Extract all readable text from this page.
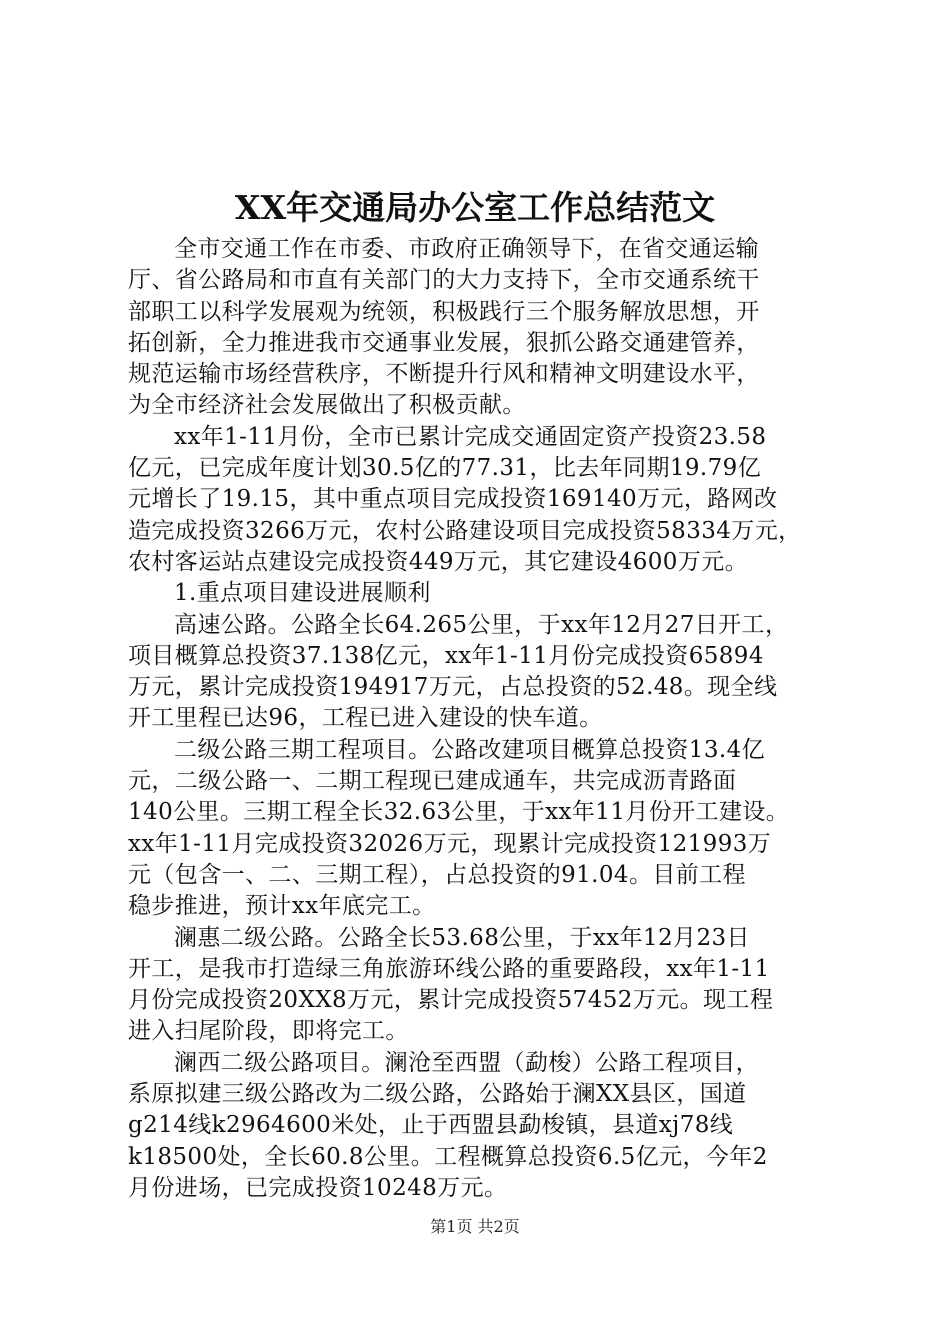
XX年交通局办公室工作总结范文
全市交通工作在市委、市政府正确领导下，在省交通运输
厅、省公路局和市直有关部门的大力支持下，全市交通系统干
部职工以科学发展观为统领，积极践行三个服务解放思想，开
拓创新，全力推进我市交通事业发展，狠抓公路交通建管养，
规范运输市场经营秩序，不断提升行风和精神文明建设水平，
为全市经济社会发展做出了积极贡献。
xx年1-11月份，全市已累计完成交通固定资产投资23.58
亿元，已完成年度计划30.5亿的77.31，比去年同期19.79亿
元增长了19.15，其中重点项目完成投资169140万元，路网改
造完成投资3266万元，农村公路建设项目完成投资58334万元，
农村客运站点建设完成投资449万元，其它建设4600万元。
1.重点项目建设进展顺利
高速公路。公路全长64.265公里，于xx年12月27日开工，
项目概算总投资37.138亿元，xx年1-11月份完成投资65894
万元，累计完成投资194917万元，占总投资的52.48。现全线
开工里程已达96，工程已进入建设的快车道。
二级公路三期工程项目。公路改建项目概算总投资13.4亿
元，二级公路一、二期工程现已建成通车，共完成沥青路面
140公里。三期工程全长32.63公里，于xx年11月份开工建设。
xx年1-11月完成投资32026万元，现累计完成投资121993万
元（包含一、二、三期工程），占总投资的91.04。目前工程
稳步推进，预计xx年底完工。
澜惠二级公路。公路全长53.68公里，于xx年12月23日
开工，是我市打造绿三角旅游环线公路的重要路段，xx年1-11
月份完成投资20XX8万元，累计完成投资57452万元。现工程
进入扫尾阶段，即将完工。
澜西二级公路项目。澜沧至西盟（勐梭）公路工程项目，
系原拟建三级公路改为二级公路，公路始于澜XX县区，国道
g214线k2964600米处，止于西盟县勐梭镇，县道xj78线
k18500处，全长60.8公里。工程概算总投资6.5亿元，今年2
月份进场，已完成投资10248万元。
第1页 共2页
